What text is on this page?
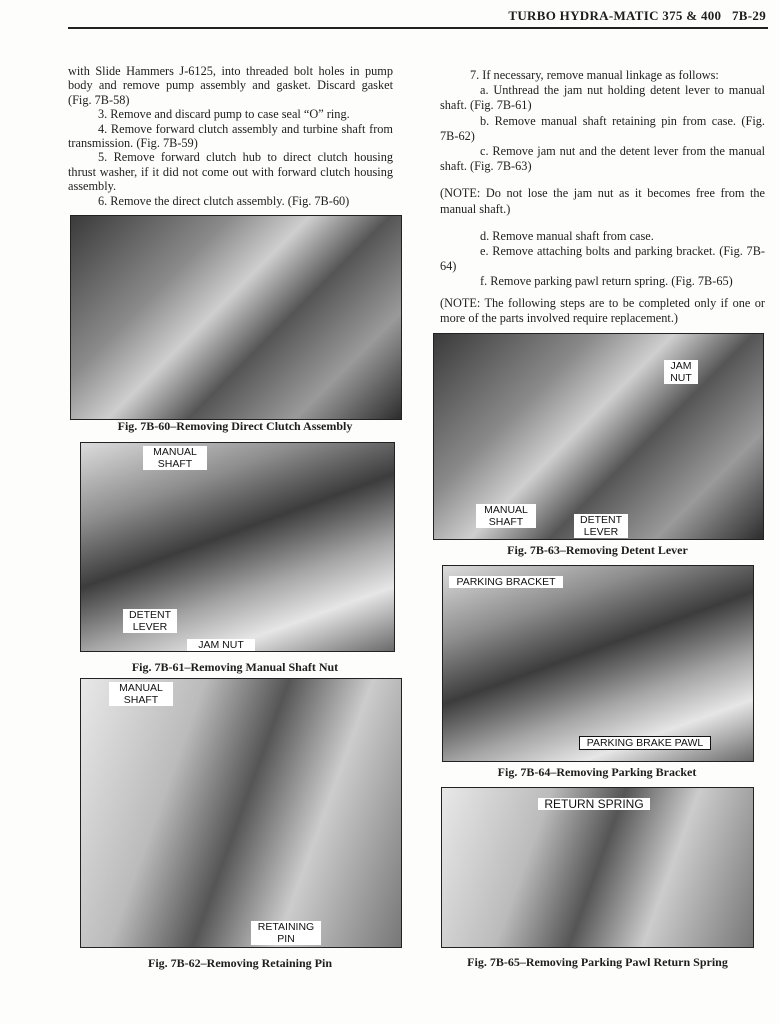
TURBO HYDRA-MATIC 375 & 400 7B-29

with Slide Hammers J-6125, into threaded bolt holes in pump body and remove pump assembly and gasket. Discard gasket (Fig. 7B-58)

3. Remove and discard pump to case seal “O” ring.

4. Remove forward clutch assembly and turbine shaft from transmission. (Fig. 7B-59)

5. Remove forward clutch hub to direct clutch housing thrust washer, if it did not come out with forward clutch housing assembly.

6. Remove the direct clutch assembly. (Fig. 7B-60)

7. If necessary, remove manual linkage as follows:

a. Unthread the jam nut holding detent lever to manual shaft. (Fig. 7B-61)

b. Remove manual shaft retaining pin from case. (Fig. 7B-62)

c. Remove jam nut and the detent lever from the manual shaft. (Fig. 7B-63)

(NOTE: Do not lose the jam nut as it becomes free from the manual shaft.)

d. Remove manual shaft from case.

e. Remove attaching bolts and parking bracket. (Fig. 7B-64)

f. Remove parking pawl return spring. (Fig. 7B-65)

(NOTE: The following steps are to be completed only if one or more of the parts involved require replacement.)

Fig. 7B-60–Removing Direct Clutch Assembly
MANUAL SHAFT
DETENT LEVER
JAM NUT
Fig. 7B-61–Removing Manual Shaft Nut
MANUAL SHAFT
RETAINING PIN
Fig. 7B-62–Removing Retaining Pin
JAM NUT
MANUAL SHAFT	DETENT LEVER
Fig. 7B-63–Removing Detent Lever
PARKING BRACKET
PARKING BRAKE PAWL
Fig. 7B-64–Removing Parking Bracket
RETURN SPRING
Fig. 7B-65–Removing Parking Pawl Return Spring
